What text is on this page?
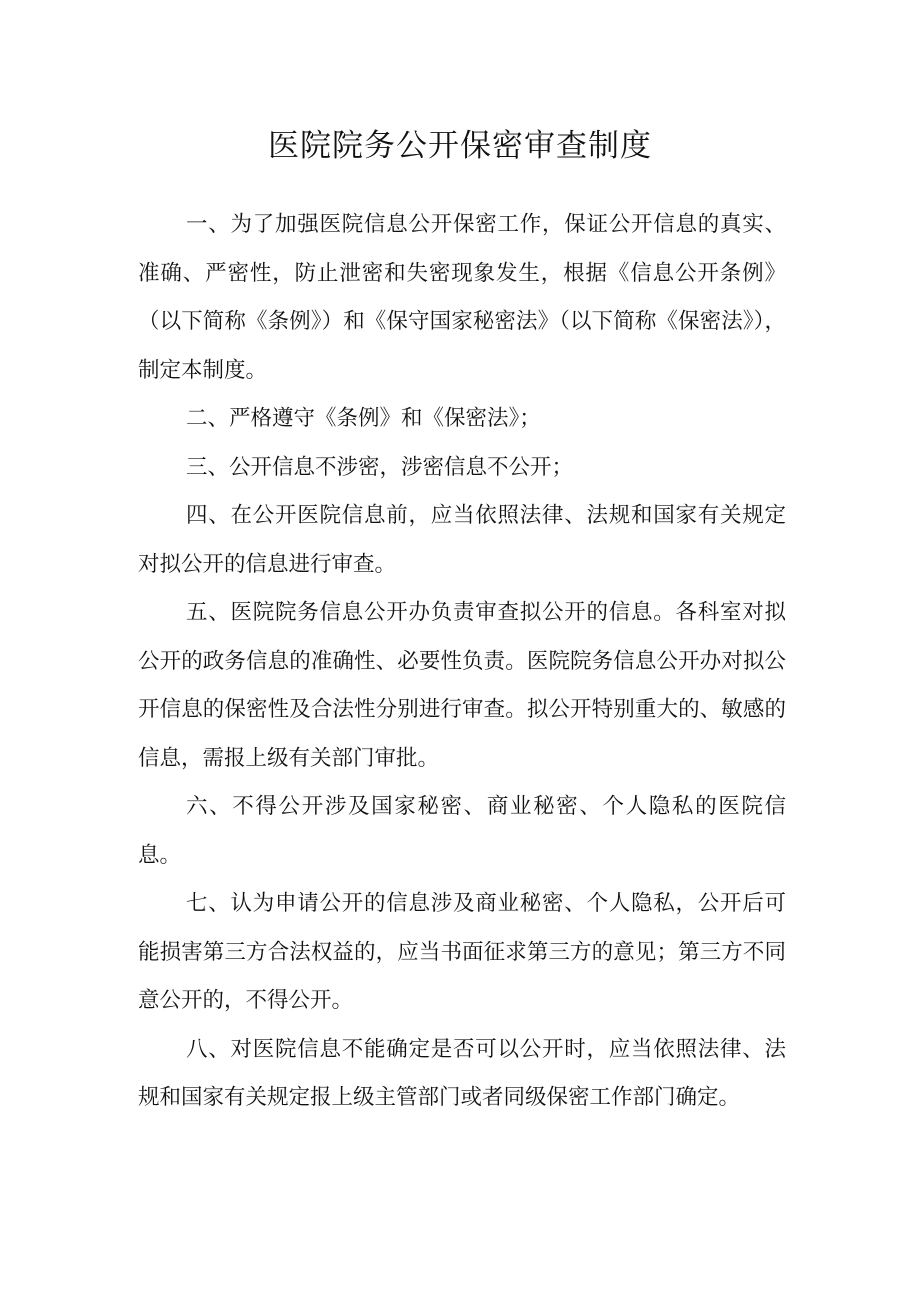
医院院务公开保密审查制度

一、为了加强医院信息公开保密工作，保证公开信息的真实、准确、严密性，防止泄密和失密现象发生，根据《信息公开条例》（以下简称《条例》）和《保守国家秘密法》（以下简称《保密法》），制定本制度。

二、严格遵守《条例》和《保密法》；

三、公开信息不涉密，涉密信息不公开；

四、在公开医院信息前，应当依照法律、法规和国家有关规定对拟公开的信息进行审查。

五、医院院务信息公开办负责审查拟公开的信息。各科室对拟公开的政务信息的准确性、必要性负责。医院院务信息公开办对拟公开信息的保密性及合法性分别进行审查。拟公开特别重大的、敏感的信息，需报上级有关部门审批。

六、不得公开涉及国家秘密、商业秘密、个人隐私的医院信息。

七、认为申请公开的信息涉及商业秘密、个人隐私，公开后可能损害第三方合法权益的，应当书面征求第三方的意见；第三方不同意公开的，不得公开。

八、对医院信息不能确定是否可以公开时，应当依照法律、法规和国家有关规定报上级主管部门或者同级保密工作部门确定。
